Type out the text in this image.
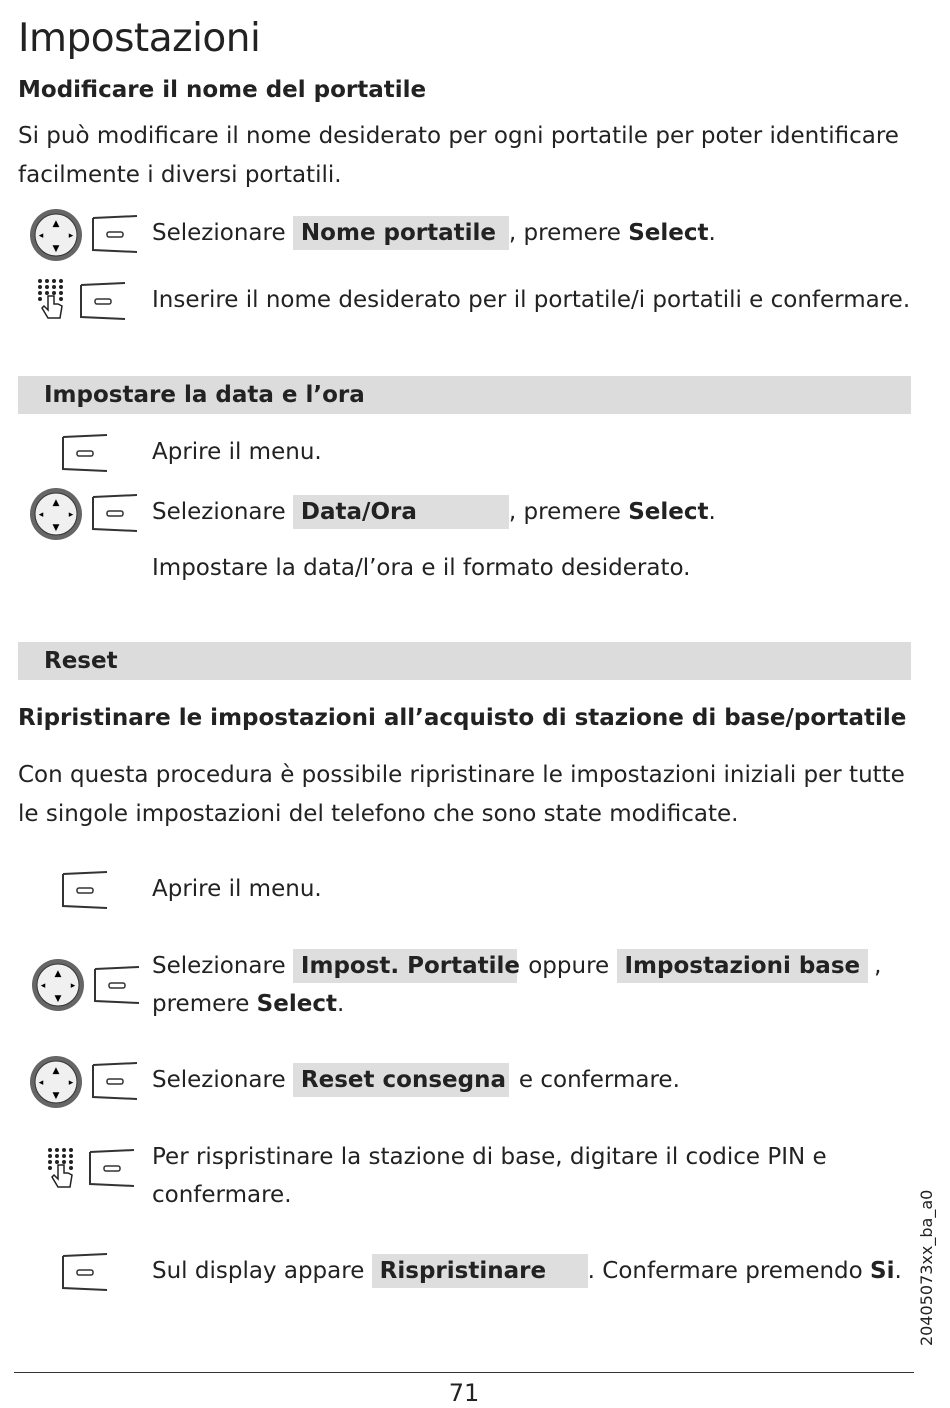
Impostazioni
Modificare il nome del portatile
Si può modificare il nome desiderato per ogni portatile per poter identificare
facilmente i diversi portatili.
▲
▼
◂	▸	Selezionare Nome portatile , premere Select.
Inserire il nome desiderato per il portatile/i portatili e confermare.
Impostare la data e l’ora
Aprire il menu.
▲
▼
◂	▸	Selezionare Data/Ora	, premere Select.
Impostare la data/l’ora e il formato desiderato.
Reset
Ripristinare le impostazioni all’acquisto di stazione di base/portatile
Con questa procedura è possibile ripristinare le impostazioni iniziali per tutte
le singole impostazioni del telefono che sono state modificate.
Aprire il menu.
▲
▼
◂	▸
Selezionare Impost. Portatile oppure Impostazioni base ,
premere Select.
▲
▼
◂	▸	Selezionare Reset consegna e confermare.
Per rispristinare la stazione di base, digitare il codice PIN e
confermare.
Sul display appare Rispristinare . Confermare premendo Si.
71
20405073xx_ba_a0
